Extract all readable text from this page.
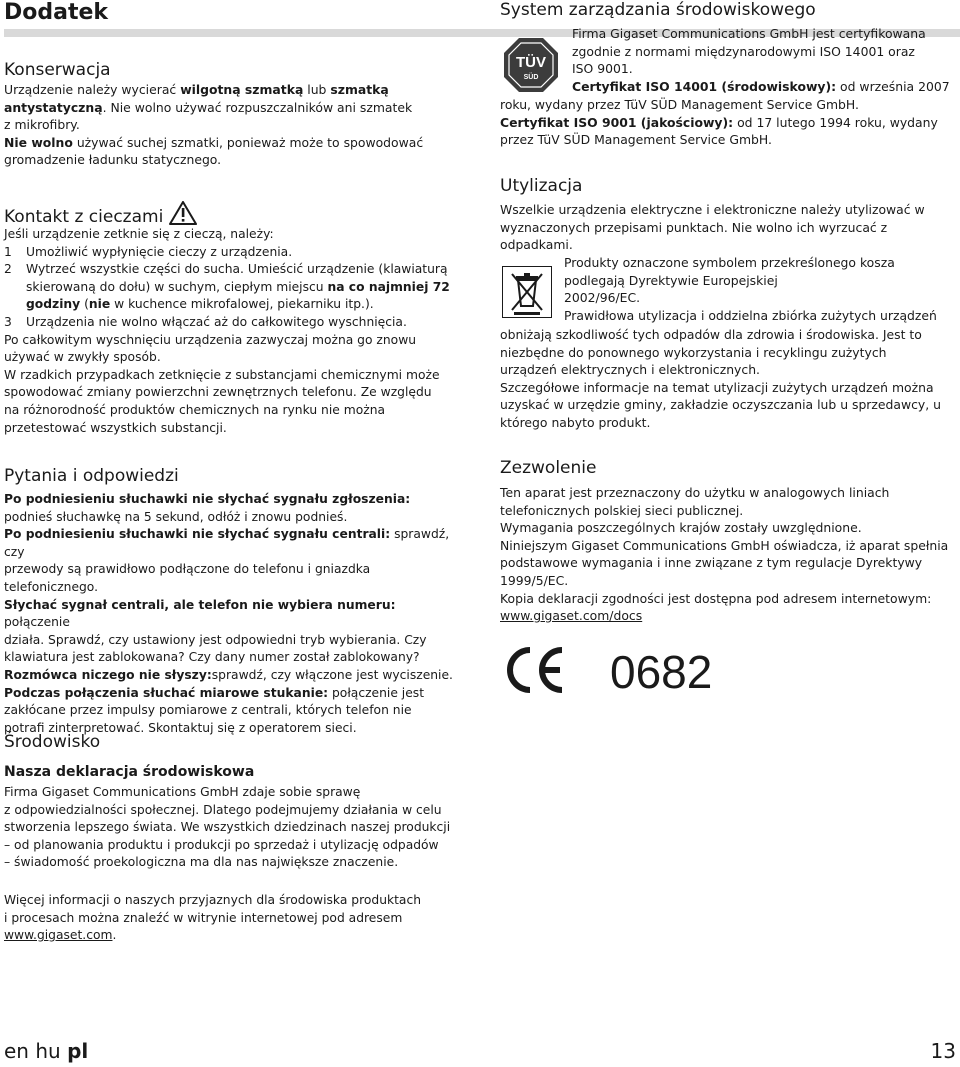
Dodatek
Konserwacja

Urządzenie należy wycierać wilgotną szmatką lub szmatką

antystatyczną. Nie wolno używać rozpuszczalników ani szmatek

z mikrofibry.

Nie wolno używać suchej szmatki, ponieważ może to spowodować

gromadzenie ładunku statycznego.

Kontakt z cieczami

Jeśli urządzenie zetknie się z cieczą, należy:

1 Umożliwić wypłynięcie cieczy z urządzenia.
2 Wytrzeć wszystkie części do sucha. Umieścić urządzenie (klawiaturą
skierowaną do dołu) w suchym, ciepłym miejscu na co najmniej 72
godziny (nie w kuchence mikrofalowej, piekarniku itp.).
3 Urządzenia nie wolno włączać aż do całkowitego wyschnięcia.

Po całkowitym wyschnięciu urządzenia zazwyczaj można go znowu

używać w zwykły sposób.

W rzadkich przypadkach zetknięcie z substancjami chemicznymi może

spowodować zmiany powierzchni zewnętrznych telefonu. Ze względu

na różnorodność produktów chemicznych na rynku nie można

przetestować wszystkich substancji.

Pytania i odpowiedzi

Po podniesieniu słuchawki nie słychać sygnału zgłoszenia:

podnieś słuchawkę na 5 sekund, odłóż i znowu podnieś.

Po podniesieniu słuchawki nie słychać sygnału centrali: sprawdź, czy

przewody są prawidłowo podłączone do telefonu i gniazdka

telefonicznego.

Słychać sygnał centrali, ale telefon nie wybiera numeru: połączenie

działa. Sprawdź, czy ustawiony jest odpowiedni tryb wybierania. Czy

klawiatura jest zablokowana? Czy dany numer został zablokowany?

Rozmówca niczego nie słyszy:sprawdź, czy włączone jest wyciszenie.

Podczas połączenia słuchać miarowe stukanie: połączenie jest

zakłócane przez impulsy pomiarowe z centrali, których telefon nie

potrafi zinterpretować. Skontaktuj się z operatorem sieci.

Środowisko
Nasza deklaracja środowiskowa

Firma Gigaset Communications GmbH zdaje sobie sprawę

z odpowiedzialności społecznej. Dlatego podejmujemy działania w celu

stworzenia lepszego świata. We wszystkich dziedzinach naszej produkcji

– od planowania produktu i produkcji po sprzedaż i utylizację odpadów

– świadomość proekologiczna ma dla nas największe znaczenie.

Więcej informacji o naszych przyjaznych dla środowiska produktach

i procesach można znaleźć w witrynie internetowej pod adresem

www.gigaset.com.

System zarządzania środowiskowego
TÜV
SÜD

Firma Gigaset Communications GmbH jest certyfikowana

zgodnie z normami międzynarodowymi ISO 14001 oraz

ISO 9001.

Certyfikat ISO 14001 (środowiskowy): od września 2007

roku, wydany przez TüV SÜD Management Service GmbH.

Certyfikat ISO 9001 (jakościowy): od 17 lutego 1994 roku, wydany

przez TüV SÜD Management Service GmbH.

Utylizacja

Wszelkie urządzenia elektryczne i elektroniczne należy utylizować w

wyznaczonych przepisami punktach. Nie wolno ich wyrzucać z

odpadkami.

Produkty oznaczone symbolem przekreślonego kosza

podlegają Dyrektywie Europejskiej

2002/96/EC.

Prawidłowa utylizacja i oddzielna zbiórka zużytych urządzeń

obniżają szkodliwość tych odpadów dla zdrowia i środowiska. Jest to

niezbędne do ponownego wykorzystania i recyklingu zużytych

urządzeń elektrycznych i elektronicznych.

Szczegółowe informacje na temat utylizacji zużytych urządzeń można

uzyskać w urzędzie gminy, zakładzie oczyszczania lub u sprzedawcy, u

którego nabyto produkt.

Zezwolenie

Ten aparat jest przeznaczony do użytku w analogowych liniach

telefonicznych polskiej sieci publicznej.

Wymagania poszczególnych krajów zostały uwzględnione.

Niniejszym Gigaset Communications GmbH oświadcza, iż aparat spełnia

podstawowe wymagania i inne związane z tym regulacje Dyrektywy

1999/5/EC.

Kopia deklaracji zgodności jest dostępna pod adresem internetowym:

www.gigaset.com/docs

0682
en hu pl	13
